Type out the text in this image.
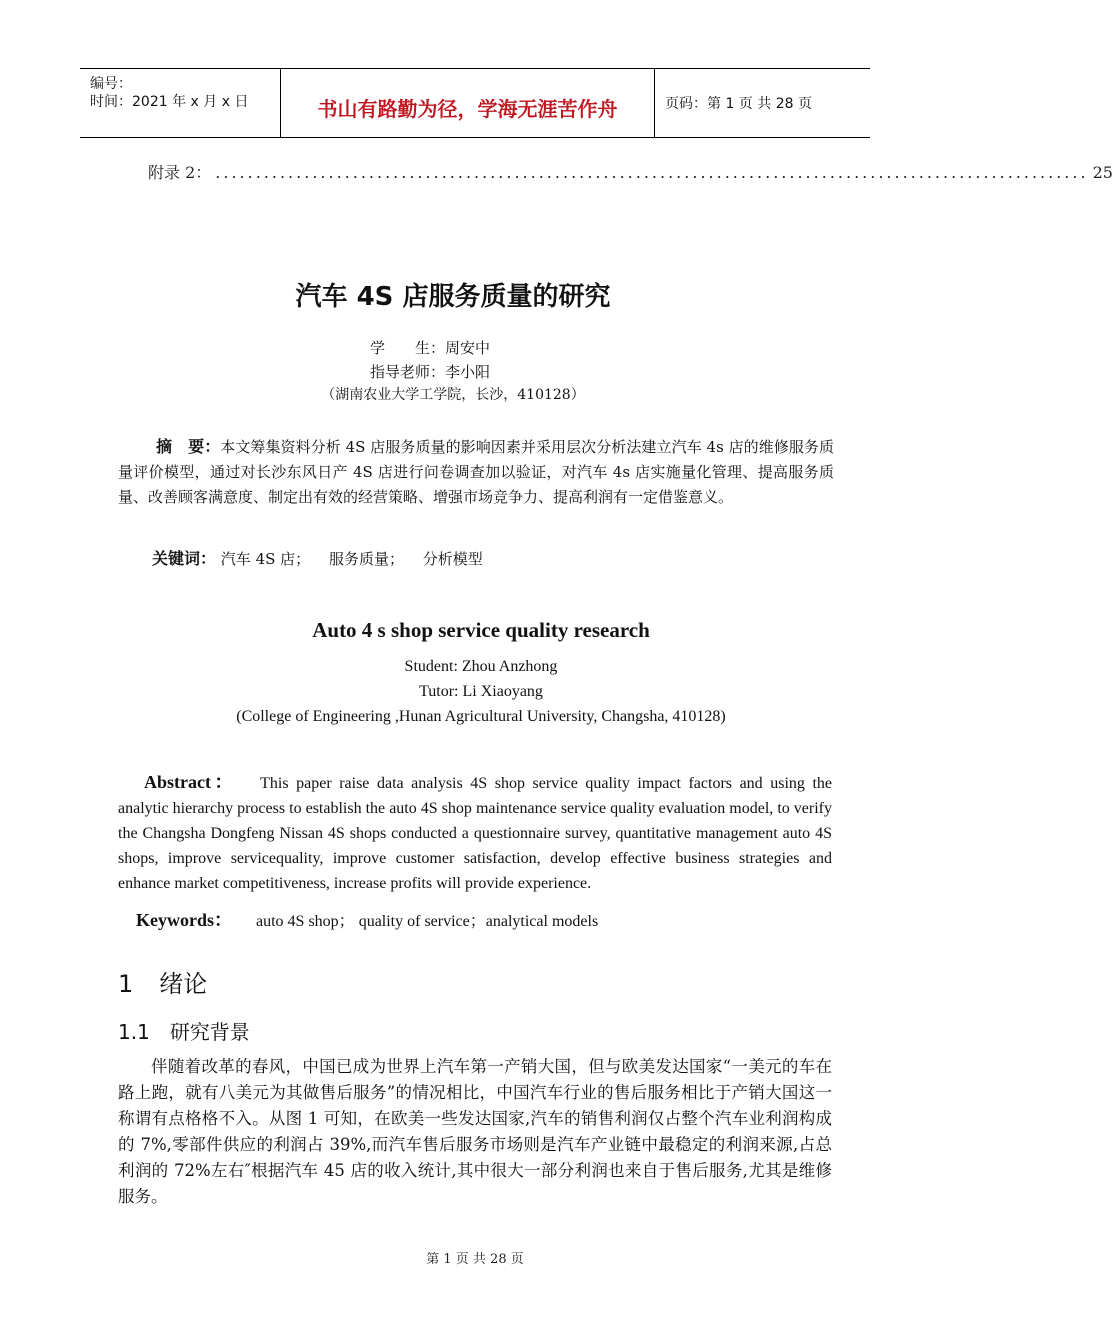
编号：
时间：2021 年 x 月 x 日	书山有路勤为径，学海无涯苦作舟	页码：第 1 页 共 28 页
附录 2： ............................................................................................................ 25
汽车 4S 店服务质量的研究
学　　生：周安中
指导老师：李小阳
（湖南农业大学工学院，长沙，410128）
摘　要：本文筹集资料分析 4S 店服务质量的影响因素并采用层次分析法建立汽车 4s 店的维修服务质量评价模型，通过对长沙东风日产 4S 店进行问卷调查加以验证，对汽车 4s 店实施量化管理、提高服务质量、改善顾客满意度、制定出有效的经营策略、增强市场竞争力、提高利润有一定借鉴意义。
关键词： 汽车 4S 店； 服务质量； 分析模型
Auto 4 s shop service quality research
Student: Zhou Anzhong
Tutor: Li Xiaoyang
(College of Engineering ,Hunan Agricultural University, Changsha, 410128)
Abstract： This paper raise data analysis 4S shop service quality impact factors and using the analytic hierarchy process to establish the auto 4S shop maintenance service quality evaluation model, to verify the Changsha Dongfeng Nissan 4S shops conducted a questionnaire survey, quantitative management auto 4S shops, improve servicequality, improve customer satisfaction, develop effective business strategies and enhance market competitiveness, increase profits will provide experience.
Keywords： auto 4S shop； quality of service；analytical models
1 绪论
1.1 研究背景

伴随着改革的春风，中国已成为世界上汽车第一产销大国，但与欧美发达国家“一美元的车在路上跑，就有八美元为其做售后服务”的情况相比，中国汽车行业的售后服务相比于产销大国这一称谓有点格格不入。从图 1 可知，在欧美一些发达国家,汽车的销售利润仅占整个汽车业利润构成的 7%,零部件供应的利润占 39%,而汽车售后服务市场则是汽车产业链中最稳定的利润来源,占总利润的 72%左右″根据汽车 45 店的收入统计,其中很大一部分利润也来自于售后服务,尤其是维修服务。

第 1 页 共 28 页
